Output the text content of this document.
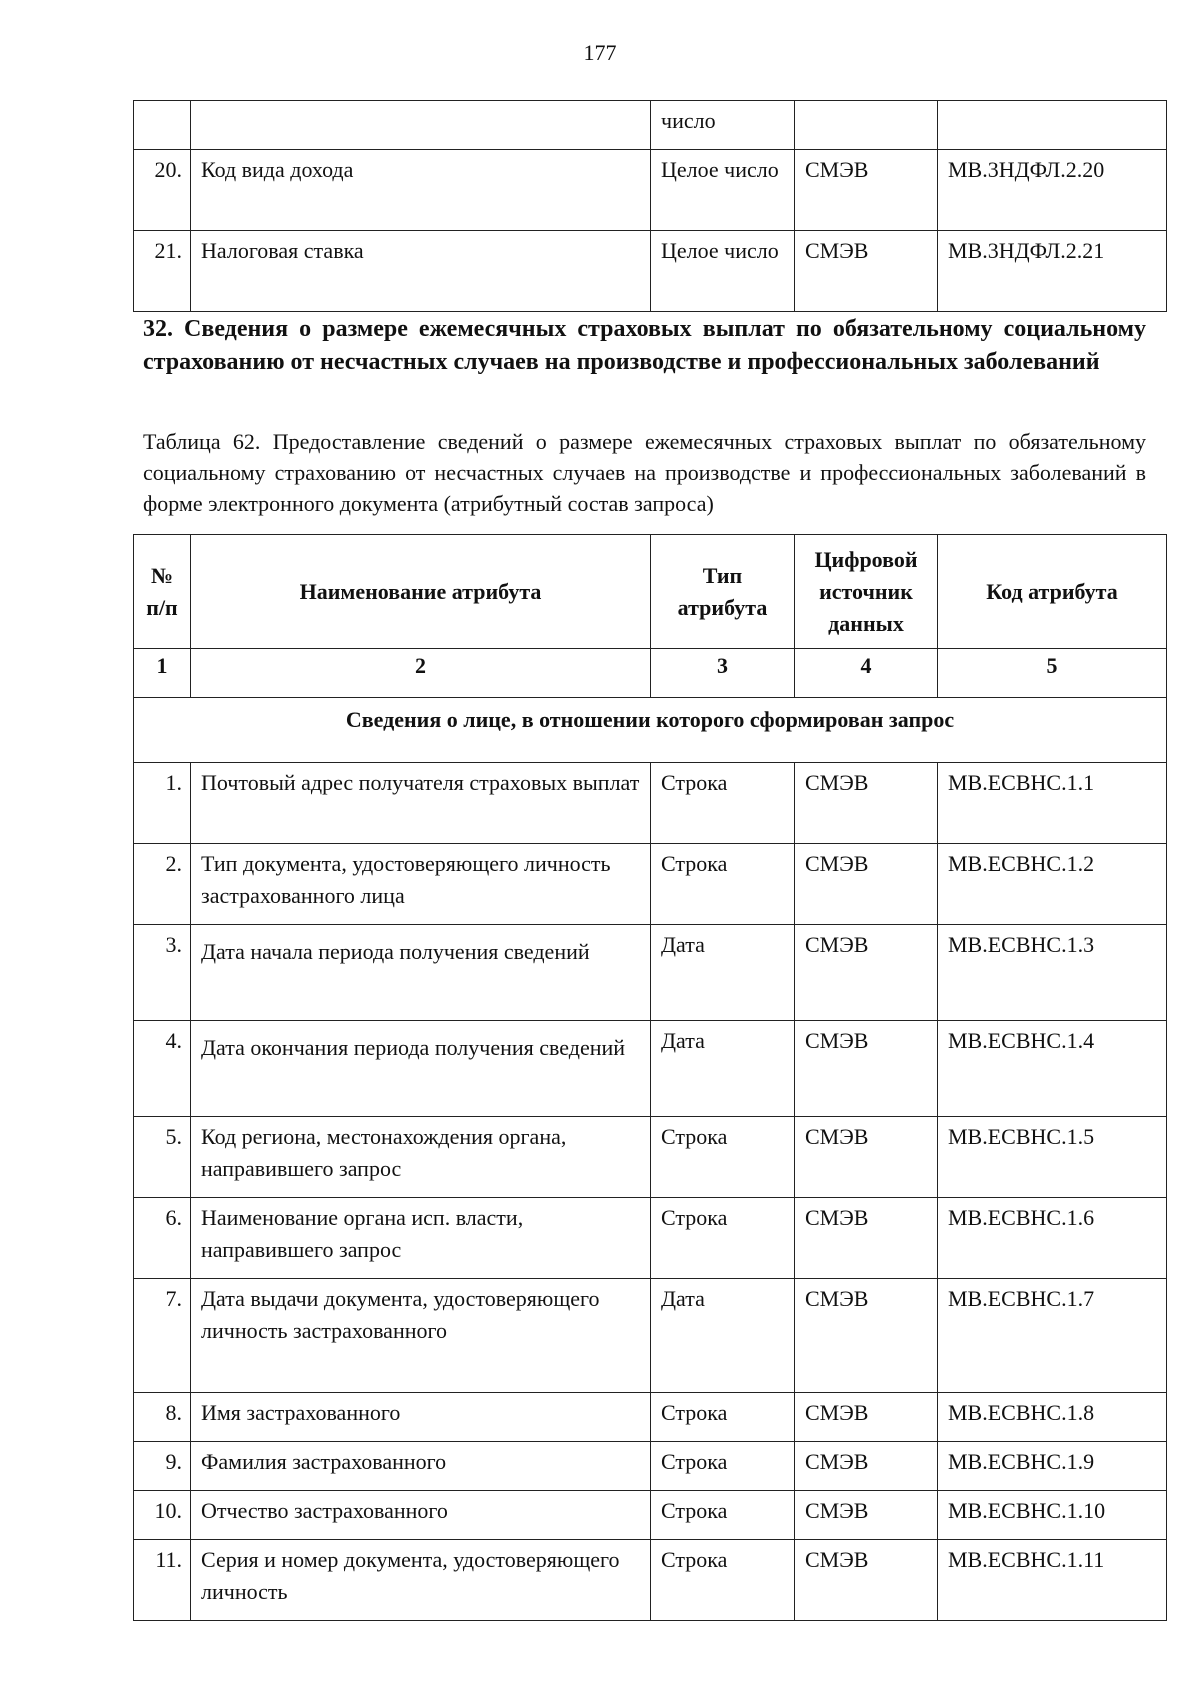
177
		число		
20.	Код вида дохода	Целое число	СМЭВ	МВ.3НДФЛ.2.20
21.	Налоговая ставка	Целое число	СМЭВ	МВ.3НДФЛ.2.21
32. Сведения о размере ежемесячных страховых выплат по обязательному социальному страхованию от несчастных случаев на производстве и профессиональных заболеваний
Таблица 62. Предоставление сведений о размере ежемесячных страховых выплат по обязательному социальному страхованию от несчастных случаев на производстве и профессиональных заболеваний в форме электронного документа (атрибутный состав запроса)
№ п/п	Наименование атрибута	Тип атрибута	Цифровой источник данных	Код атрибута
1	2	3	4	5
Сведения о лице, в отношении которого сформирован запрос				
1.	Почтовый адрес получателя страховых выплат	Строка	СМЭВ	МВ.ЕСВНС.1.1
2.	Тип документа, удостоверяющего личность застрахованного лица	Строка	СМЭВ	МВ.ЕСВНС.1.2
3.	Дата начала периода получения сведений	Дата	СМЭВ	МВ.ЕСВНС.1.3
4.	Дата окончания периода получения сведений	Дата	СМЭВ	МВ.ЕСВНС.1.4
5.	Код региона, местонахождения органа, направившего запрос	Строка	СМЭВ	МВ.ЕСВНС.1.5
6.	Наименование органа исп. власти, направившего запрос	Строка	СМЭВ	МВ.ЕСВНС.1.6
7.	Дата выдачи документа, удостоверяющего личность застрахованного	Дата	СМЭВ	МВ.ЕСВНС.1.7
8.	Имя застрахованного	Строка	СМЭВ	МВ.ЕСВНС.1.8
9.	Фамилия застрахованного	Строка	СМЭВ	МВ.ЕСВНС.1.9
10.	Отчество застрахованного	Строка	СМЭВ	МВ.ЕСВНС.1.10
11.	Серия и номер документа, удостоверяющего личность	Строка	СМЭВ	МВ.ЕСВНС.1.11
